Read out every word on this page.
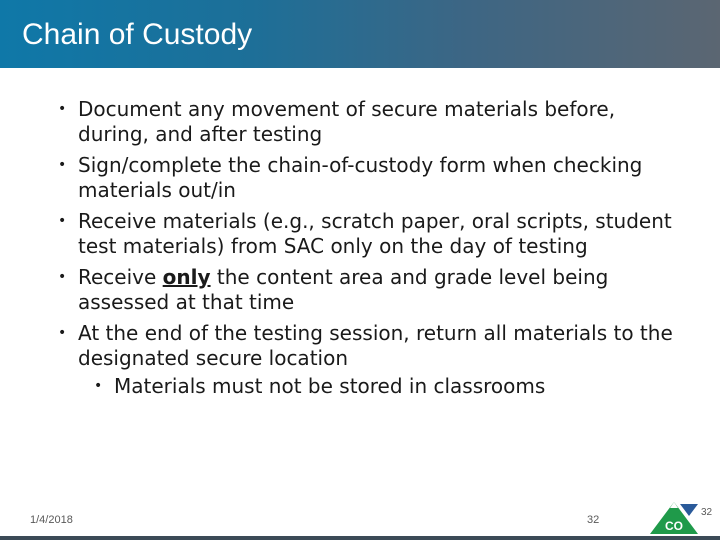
Chain of Custody
• Document any movement of secure materials before, during, and after testing
• Sign/complete the chain-of-custody form when checking materials out/in
• Receive materials (e.g., scratch paper, oral scripts, student test materials) from SAC only on the day of testing
• Receive only the content area and grade level being assessed at that time
• At the end of the testing session, return all materials to the designated secure location
• Materials must not be stored in classrooms
1/4/2018	32	CO
32
